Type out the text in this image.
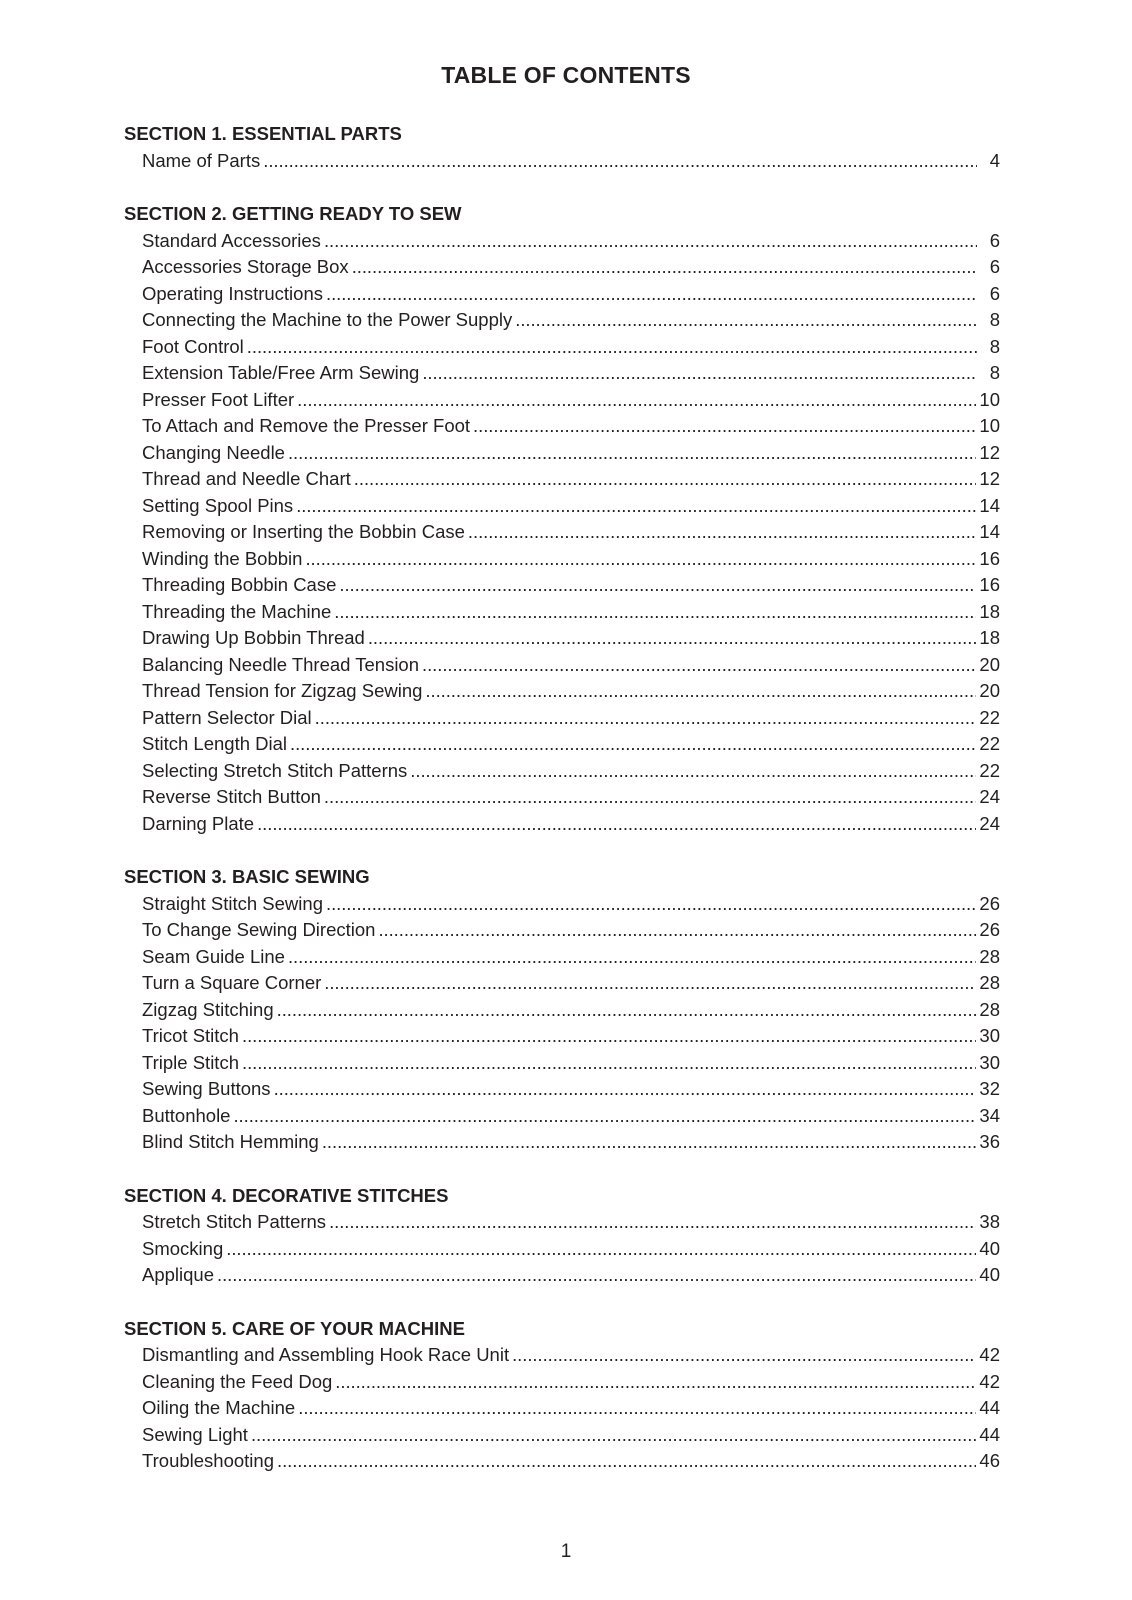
TABLE OF CONTENTS
SECTION 1. ESSENTIAL PARTS
Name of Parts . . .	4
SECTION 2. GETTING READY TO SEW
Standard Accessories . . .	6
Accessories Storage Box . . .	6
Operating Instructions . . .	6
Connecting the Machine to the Power Supply . . .	8
Foot Control . . .	8
Extension Table/Free Arm Sewing . . .	8
Presser Foot Lifter . . .	10
To Attach and Remove the Presser Foot . . .	10
Changing Needle . . .	12
Thread and Needle Chart . . .	12
Setting Spool Pins . . .	14
Removing or Inserting the Bobbin Case . . .	14
Winding the Bobbin . . .	16
Threading Bobbin Case . . .	16
Threading the Machine . . .	18
Drawing Up Bobbin Thread . . .	18
Balancing Needle Thread Tension . . .	20
Thread Tension for Zigzag Sewing . . .	20
Pattern Selector Dial . . .	22
Stitch Length Dial . . .	22
Selecting Stretch Stitch Patterns . . .	22
Reverse Stitch Button . . .	24
Darning Plate . . .	24
SECTION 3. BASIC SEWING
Straight Stitch Sewing . . .	26
To Change Sewing Direction . . .	26
Seam Guide Line . . .	28
Turn a Square Corner . . .	28
Zigzag Stitching . . .	28
Tricot Stitch . . .	30
Triple Stitch . . .	30
Sewing Buttons . . .	32
Buttonhole . . .	34
Blind Stitch Hemming . . .	36
SECTION 4. DECORATIVE STITCHES
Stretch Stitch Patterns . . .	38
Smocking . . .	40
Applique . . .	40
SECTION 5. CARE OF YOUR MACHINE
Dismantling and Assembling Hook Race Unit . . .	42
Cleaning the Feed Dog . . .	42
Oiling the Machine . . .	44
Sewing Light . . .	44
Troubleshooting . . .	46
1
